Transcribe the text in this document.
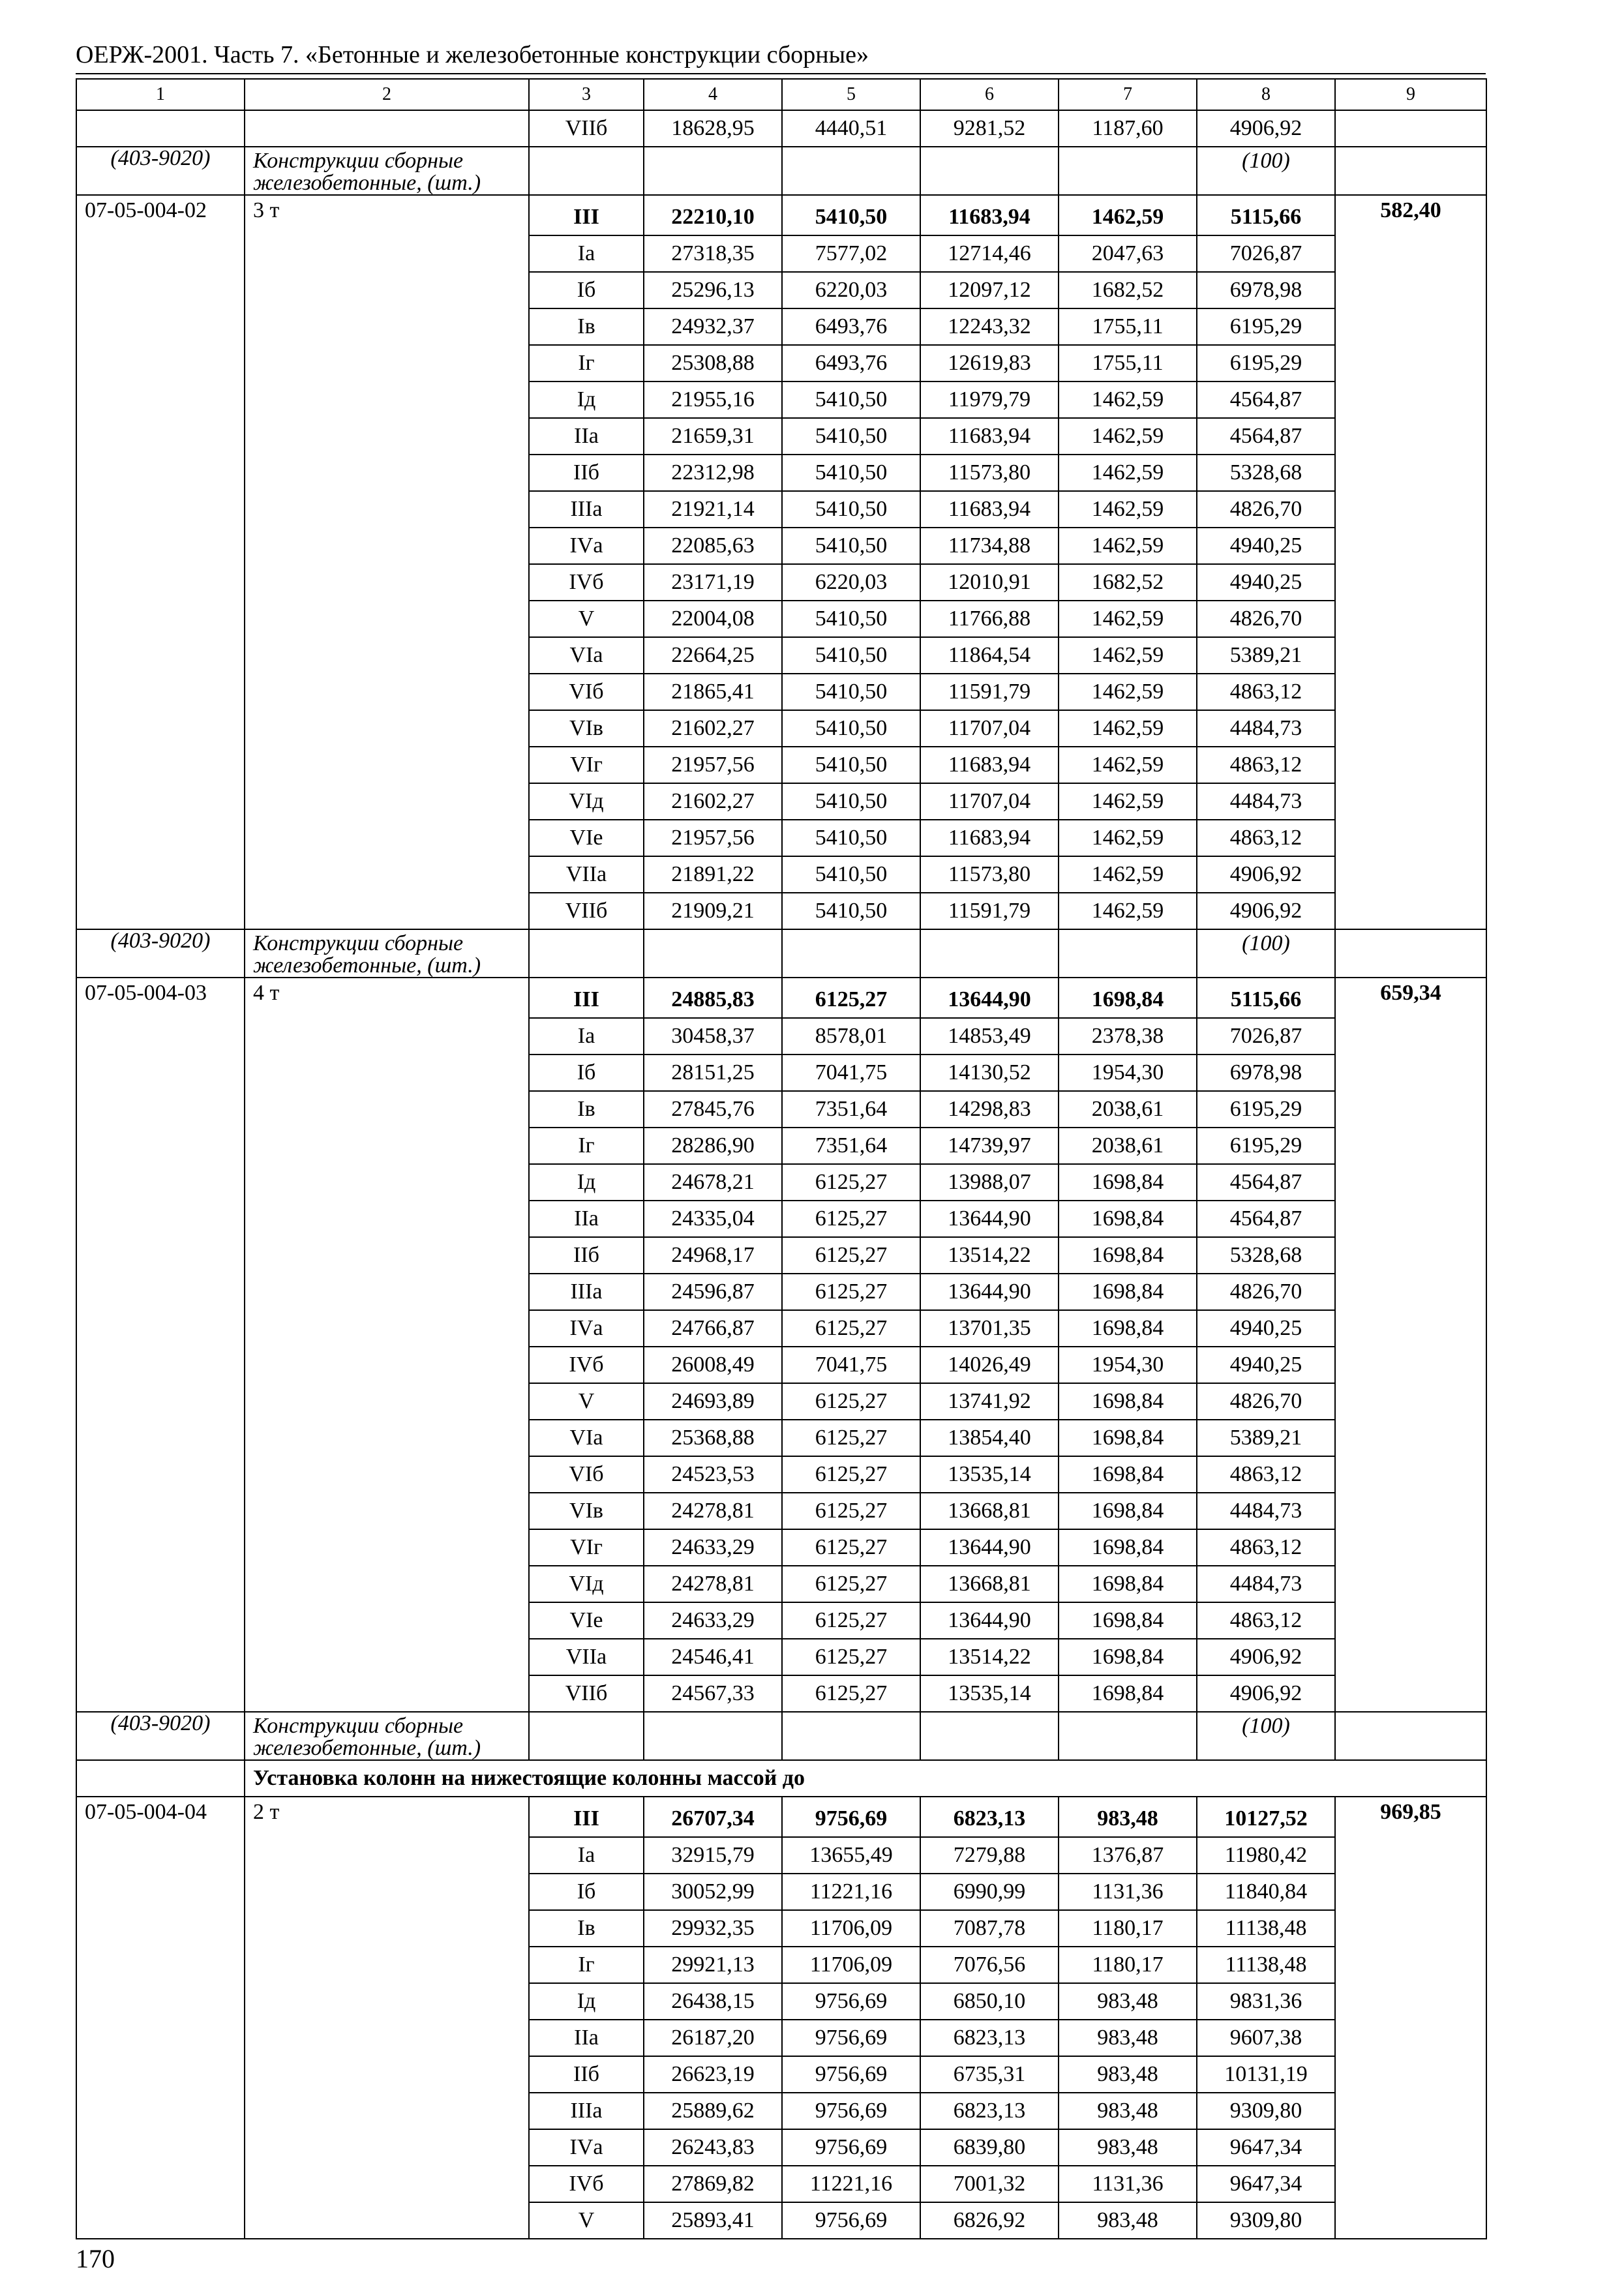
ОЕРЖ-2001. Часть 7. «Бетонные и железобетонные конструкции сборные»
1	2	3	4	5	6	7	8	9
		VIIб	18628,95	4440,51	9281,52	1187,60	4906,92	
(403-9020)	Конструкции сборные железобетонные, (шт.)						(100)	
07-05-004-02	3 т	III	22210,10	5410,50	11683,94	1462,59	5115,66	582,40
		Iа	27318,35	7577,02	12714,46	2047,63	7026,87	
		Iб	25296,13	6220,03	12097,12	1682,52	6978,98	
		Iв	24932,37	6493,76	12243,32	1755,11	6195,29	
		Iг	25308,88	6493,76	12619,83	1755,11	6195,29	
		Iд	21955,16	5410,50	11979,79	1462,59	4564,87	
		IIа	21659,31	5410,50	11683,94	1462,59	4564,87	
		IIб	22312,98	5410,50	11573,80	1462,59	5328,68	
		IIIа	21921,14	5410,50	11683,94	1462,59	4826,70	
		IVа	22085,63	5410,50	11734,88	1462,59	4940,25	
		IVб	23171,19	6220,03	12010,91	1682,52	4940,25	
		V	22004,08	5410,50	11766,88	1462,59	4826,70	
		VIа	22664,25	5410,50	11864,54	1462,59	5389,21	
		VIб	21865,41	5410,50	11591,79	1462,59	4863,12	
		VIв	21602,27	5410,50	11707,04	1462,59	4484,73	
		VIг	21957,56	5410,50	11683,94	1462,59	4863,12	
		VIд	21602,27	5410,50	11707,04	1462,59	4484,73	
		VIе	21957,56	5410,50	11683,94	1462,59	4863,12	
		VIIа	21891,22	5410,50	11573,80	1462,59	4906,92	
		VIIб	21909,21	5410,50	11591,79	1462,59	4906,92	
(403-9020)	Конструкции сборные железобетонные, (шт.)						(100)	
07-05-004-03	4 т	III	24885,83	6125,27	13644,90	1698,84	5115,66	659,34
		Iа	30458,37	8578,01	14853,49	2378,38	7026,87	
		Iб	28151,25	7041,75	14130,52	1954,30	6978,98	
		Iв	27845,76	7351,64	14298,83	2038,61	6195,29	
		Iг	28286,90	7351,64	14739,97	2038,61	6195,29	
		Iд	24678,21	6125,27	13988,07	1698,84	4564,87	
		IIа	24335,04	6125,27	13644,90	1698,84	4564,87	
		IIб	24968,17	6125,27	13514,22	1698,84	5328,68	
		IIIа	24596,87	6125,27	13644,90	1698,84	4826,70	
		IVа	24766,87	6125,27	13701,35	1698,84	4940,25	
		IVб	26008,49	7041,75	14026,49	1954,30	4940,25	
		V	24693,89	6125,27	13741,92	1698,84	4826,70	
		VIа	25368,88	6125,27	13854,40	1698,84	5389,21	
		VIб	24523,53	6125,27	13535,14	1698,84	4863,12	
		VIв	24278,81	6125,27	13668,81	1698,84	4484,73	
		VIг	24633,29	6125,27	13644,90	1698,84	4863,12	
		VIд	24278,81	6125,27	13668,81	1698,84	4484,73	
		VIе	24633,29	6125,27	13644,90	1698,84	4863,12	
		VIIа	24546,41	6125,27	13514,22	1698,84	4906,92	
		VIIб	24567,33	6125,27	13535,14	1698,84	4906,92	
(403-9020)	Конструкции сборные железобетонные, (шт.)						(100)	
	Установка колонн на нижестоящие колонны массой до							
07-05-004-04	2 т	III	26707,34	9756,69	6823,13	983,48	10127,52	969,85
		Iа	32915,79	13655,49	7279,88	1376,87	11980,42	
		Iб	30052,99	11221,16	6990,99	1131,36	11840,84	
		Iв	29932,35	11706,09	7087,78	1180,17	11138,48	
		Iг	29921,13	11706,09	7076,56	1180,17	11138,48	
		Iд	26438,15	9756,69	6850,10	983,48	9831,36	
		IIа	26187,20	9756,69	6823,13	983,48	9607,38	
		IIб	26623,19	9756,69	6735,31	983,48	10131,19	
		IIIа	25889,62	9756,69	6823,13	983,48	9309,80	
		IVа	26243,83	9756,69	6839,80	983,48	9647,34	
		IVб	27869,82	11221,16	7001,32	1131,36	9647,34	
		V	25893,41	9756,69	6826,92	983,48	9309,80	
170
